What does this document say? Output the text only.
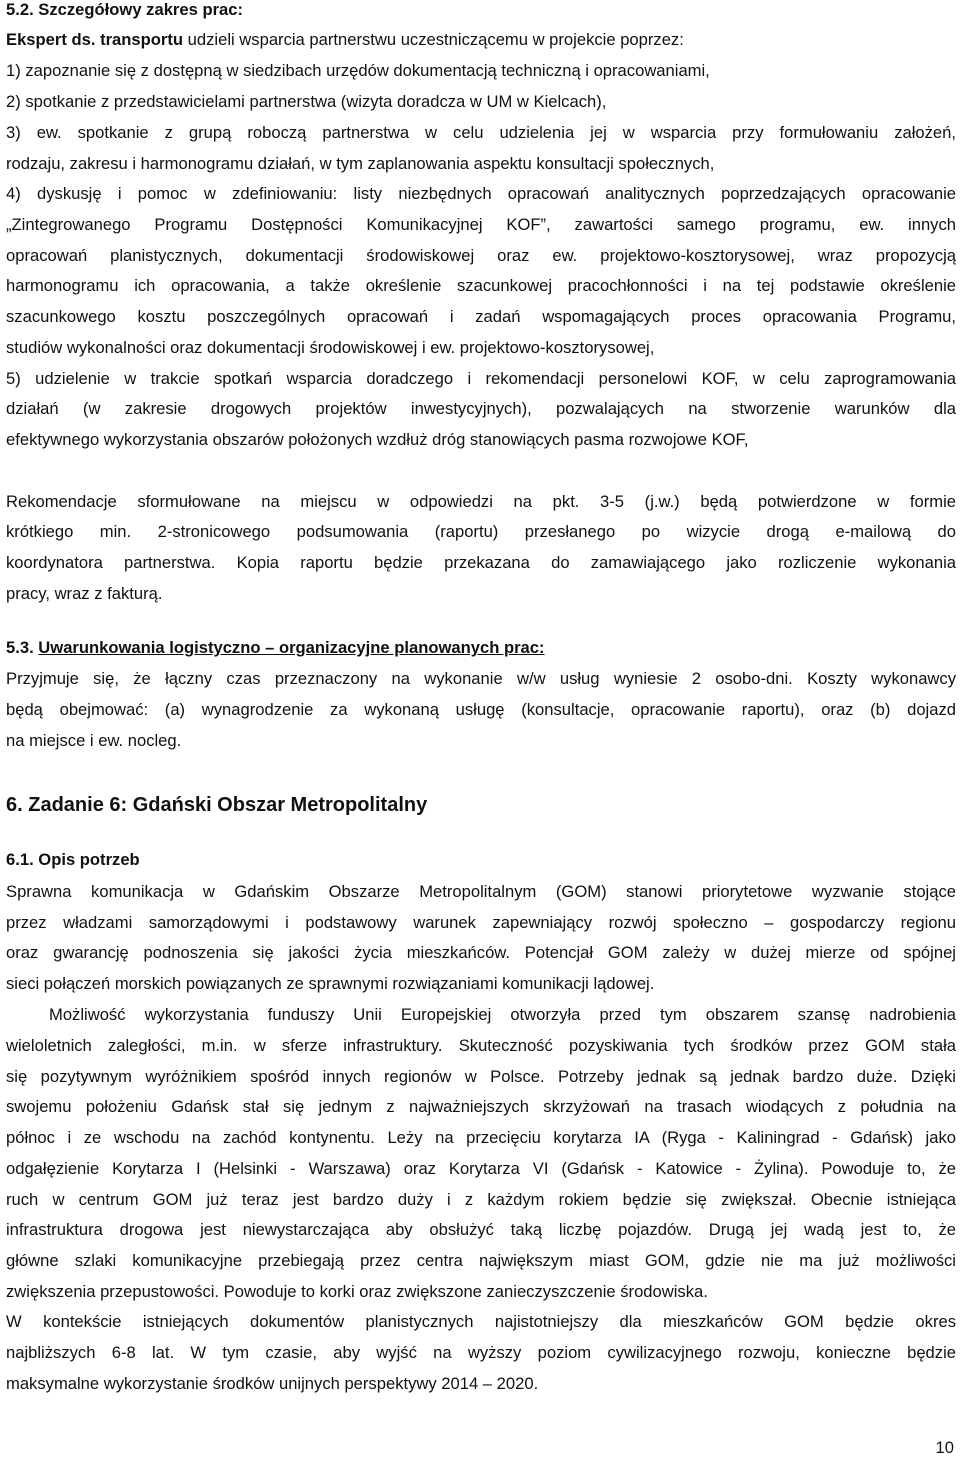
5.2. Szczegółowy zakres prac:
Ekspert ds. transportu udzieli wsparcia partnerstwu uczestniczącemu w projekcie poprzez:
1) zapoznanie się z dostępną w siedzibach urzędów dokumentacją techniczną i opracowaniami,
2) spotkanie z przedstawicielami partnerstwa (wizyta doradcza w UM w Kielcach),
3) ew. spotkanie z grupą roboczą partnerstwa w celu udzielenia jej w wsparcia przy formułowaniu założeń,
rodzaju, zakresu i harmonogramu działań, w tym zaplanowania aspektu konsultacji społecznych,
4) dyskusję i pomoc w zdefiniowaniu: listy niezbędnych opracowań analitycznych poprzedzających opracowanie
„Zintegrowanego Programu Dostępności Komunikacyjnej KOF”, zawartości samego programu, ew. innych
opracowań planistycznych, dokumentacji środowiskowej oraz ew. projektowo-kosztorysowej, wraz propozycją
harmonogramu ich opracowania, a także określenie szacunkowej pracochłonności i na tej podstawie określenie
szacunkowego kosztu poszczególnych opracowań i zadań wspomagających proces opracowania Programu,
studiów wykonalności oraz dokumentacji środowiskowej i ew. projektowo-kosztorysowej,
5) udzielenie w trakcie spotkań wsparcia doradczego i rekomendacji personelowi KOF, w celu zaprogramowania
działań (w zakresie drogowych projektów inwestycyjnych), pozwalających na stworzenie warunków dla
efektywnego wykorzystania obszarów położonych wzdłuż dróg stanowiących pasma rozwojowe KOF,
Rekomendacje sformułowane na miejscu w odpowiedzi na pkt. 3-5 (j.w.) będą potwierdzone w formie
krótkiego min. 2-stronicowego podsumowania (raportu) przesłanego po wizycie drogą e-mailową do
koordynatora partnerstwa. Kopia raportu będzie przekazana do zamawiającego jako rozliczenie wykonania
pracy, wraz z fakturą.
5.3. Uwarunkowania logistyczno – organizacyjne planowanych prac:
Przyjmuje się, że łączny czas przeznaczony na wykonanie w/w usług wyniesie 2 osobo-dni. Koszty wykonawcy
będą obejmować: (a) wynagrodzenie za wykonaną usługę (konsultacje, opracowanie raportu), oraz (b) dojazd
na miejsce i ew. nocleg.
6. Zadanie 6: Gdański Obszar Metropolitalny
6.1. Opis potrzeb
Sprawna komunikacja w Gdańskim Obszarze Metropolitalnym (GOM) stanowi priorytetowe wyzwanie stojące
przez władzami samorządowymi i podstawowy warunek zapewniający rozwój społeczno – gospodarczy regionu
oraz gwarancję podnoszenia się jakości życia mieszkańców. Potencjał GOM zależy w dużej mierze od spójnej
sieci połączeń morskich powiązanych ze sprawnymi rozwiązaniami komunikacji lądowej.
Możliwość wykorzystania funduszy Unii Europejskiej otworzyła przed tym obszarem szansę nadrobienia
wieloletnich zaległości, m.in. w sferze infrastruktury. Skuteczność pozyskiwania tych środków przez GOM stała
się pozytywnym wyróżnikiem spośród innych regionów w Polsce. Potrzeby jednak są jednak bardzo duże. Dzięki
swojemu położeniu Gdańsk stał się jednym z najważniejszych skrzyżowań na trasach wiodących z południa na
północ i ze wschodu na zachód kontynentu. Leży na przecięciu korytarza IA (Ryga - Kaliningrad - Gdańsk) jako
odgałęzienie Korytarza I (Helsinki - Warszawa) oraz Korytarza VI (Gdańsk - Katowice - Żylina). Powoduje to, że
ruch w centrum GOM już teraz jest bardzo duży i z każdym rokiem będzie się zwiększał. Obecnie istniejąca
infrastruktura drogowa jest niewystarczająca aby obsłużyć taką liczbę pojazdów. Drugą jej wadą jest to, że
główne szlaki komunikacyjne przebiegają przez centra największym miast GOM, gdzie nie ma już możliwości
zwiększenia przepustowości. Powoduje to korki oraz zwiększone zanieczyszczenie środowiska.
W kontekście istniejących dokumentów planistycznych najistotniejszy dla mieszkańców GOM będzie okres
najbliższych 6-8 lat. W tym czasie, aby wyjść na wyższy poziom cywilizacyjnego rozwoju, konieczne będzie
maksymalne wykorzystanie środków unijnych perspektywy 2014 – 2020.
10
